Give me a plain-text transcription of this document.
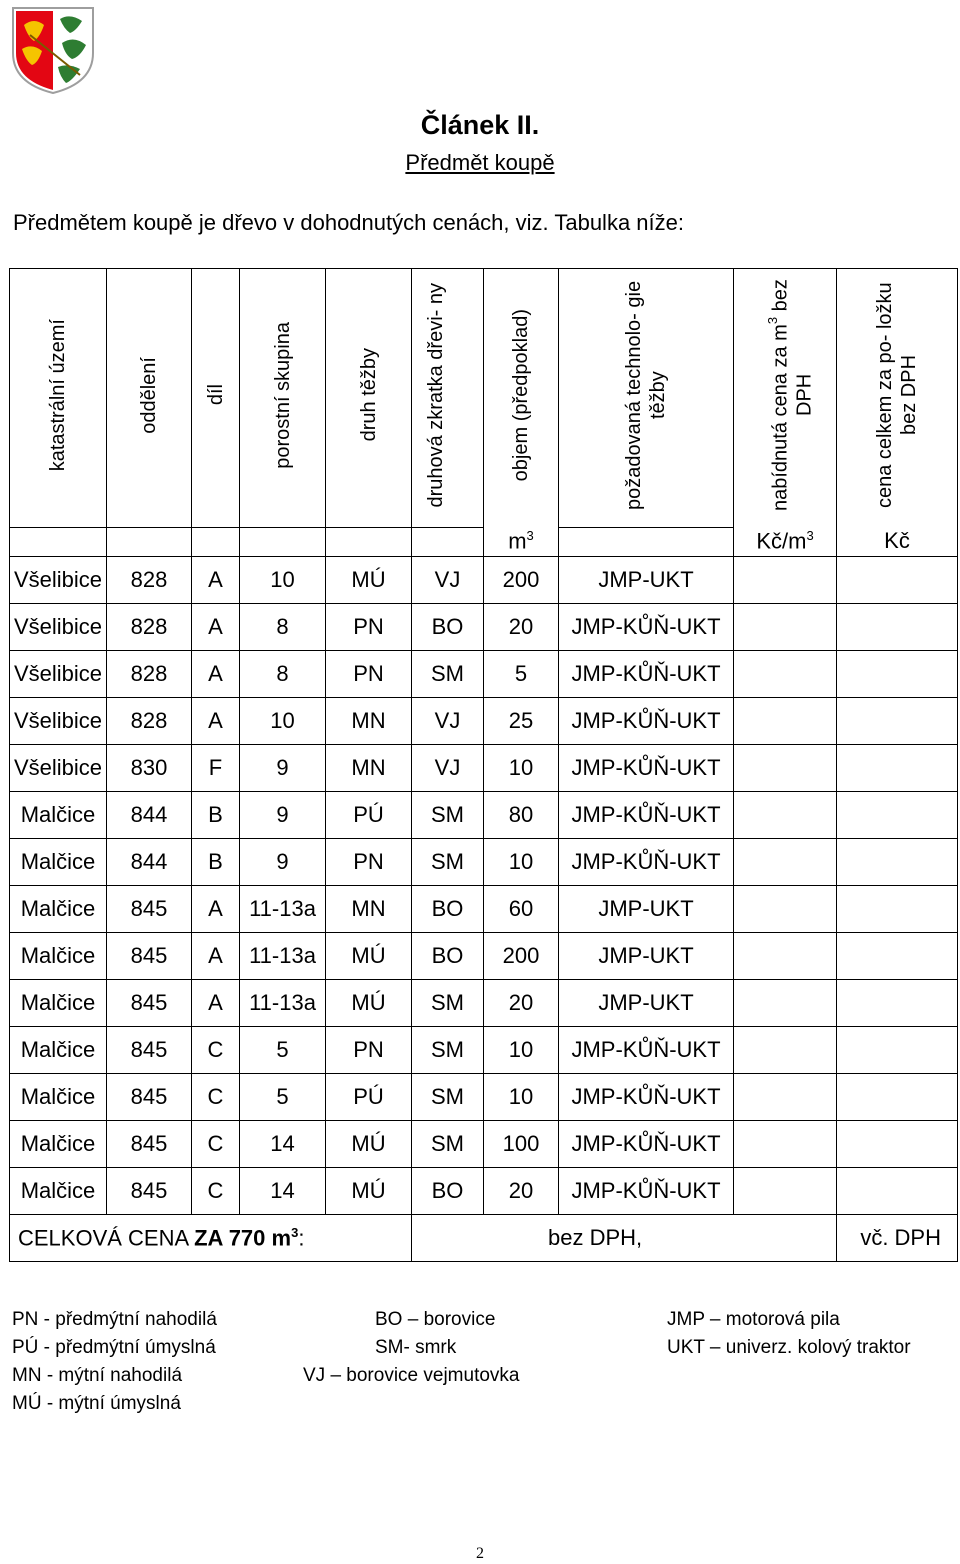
Článek II.
Předmět koupě
Předmětem koupě je dřevo v dohodnutých cenách, viz. Tabulka níže:
katastrální území	oddělení	díl	porostní skupina	druh těžby	druhová zkratka dřevi- ny	objem (předpoklad)	požadovaná technolo- gie těžby	nabídnutá cena za $m^3$ bez DPH	cena celkem za po- ložku bez DPH
						$m^3$		$Kč/m^3$	Kč
Všelibice	828	A	10	MÚ	VJ	200	JMP-UKT		
Všelibice	828	A	8	PN	BO	20	JMP-KŮŇ-UKT		
Všelibice	828	A	8	PN	SM	5	JMP-KŮŇ-UKT		
Všelibice	828	A	10	MN	VJ	25	JMP-KŮŇ-UKT		
Všelibice	830	F	9	MN	VJ	10	JMP-KŮŇ-UKT		
Malčice	844	B	9	PÚ	SM	80	JMP-KŮŇ-UKT		
Malčice	844	B	9	PN	SM	10	JMP-KŮŇ-UKT		
Malčice	845	A	11-13a	MN	BO	60	JMP-UKT		
Malčice	845	A	11-13a	MÚ	BO	200	JMP-UKT		
Malčice	845	A	11-13a	MÚ	SM	20	JMP-UKT		
Malčice	845	C	5	PN	SM	10	JMP-KŮŇ-UKT		
Malčice	845	C	5	PÚ	SM	10	JMP-KŮŇ-UKT		
Malčice	845	C	14	MÚ	SM	100	JMP-KŮŇ-UKT		
Malčice	845	C	14	MÚ	BO	20	JMP-KŮŇ-UKT		
CELKOVÁ CENA ZA 770 $m^3$:					bez DPH,				vč. DPH
PN - předmýtní nahodilá
PÚ - předmýtní úmyslná
MN - mýtní nahodilá
MÚ - mýtní úmyslná
BO – borovice
SM- smrk
VJ – borovice vejmutovka
JMP – motorová pila
UKT – univerz. kolový traktor
2
